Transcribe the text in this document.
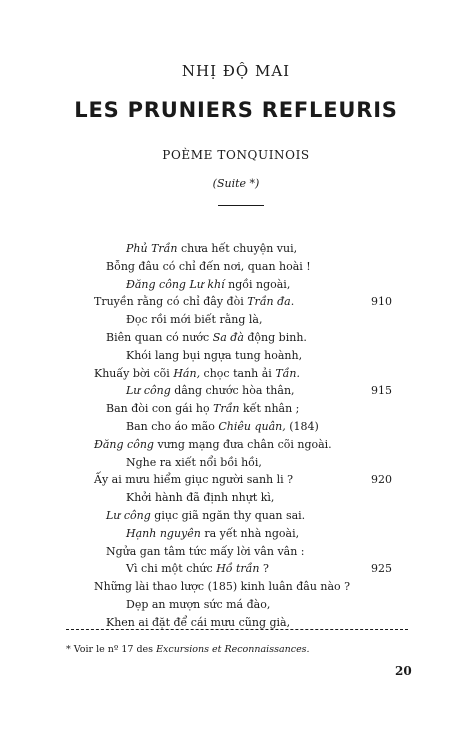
NHỊ ĐỘ MAI
LES PRUNIERS REFLEURIS
POÈME TONQUINOIS
(Suite *)
Phủ Trần chưa hết chuyện vui,
Bỗng đâu có chỉ đến nơi, quan hoài !
Đăng công Lư khí ngồi ngoài,
Truyền rằng có chỉ đây đòi Trần đa.
Đọc rồi mới biết rằng là,
Biên quan có nước Sa đà động binh.
Khói lang bụi ngựa tung hoành,
Khuấy bời cõi Hán, chọc tanh ải Tần.
Lư công dâng chước hòa thân,
Ban đòi con gái họ Trần kết nhân ;
Ban cho áo mão Chiêu quân, (184)
Đăng công vưng mạng đưa chân cõi ngoài.
Nghe ra xiết nổi bồi hồi,
Ấy ai mưu hiểm giục người sanh li ?
Khởi hành đã định nhựt kì,
Lư công giục giã ngăn thy quan sai.
Hạnh nguyên ra yết nhà ngoài,
Ngửa gan tâm tức mấy lời vân vân :
Vì chi một chức Hồ trần ?
Những lài thao lược (185) kinh luân đâu nào ?
Dẹp an mượn sức má đào,
Khen ai đặt để cái mưu cũng già,
910
915
920
925
* Voir le nº 17 des Excursions et Reconnaissances.
20
